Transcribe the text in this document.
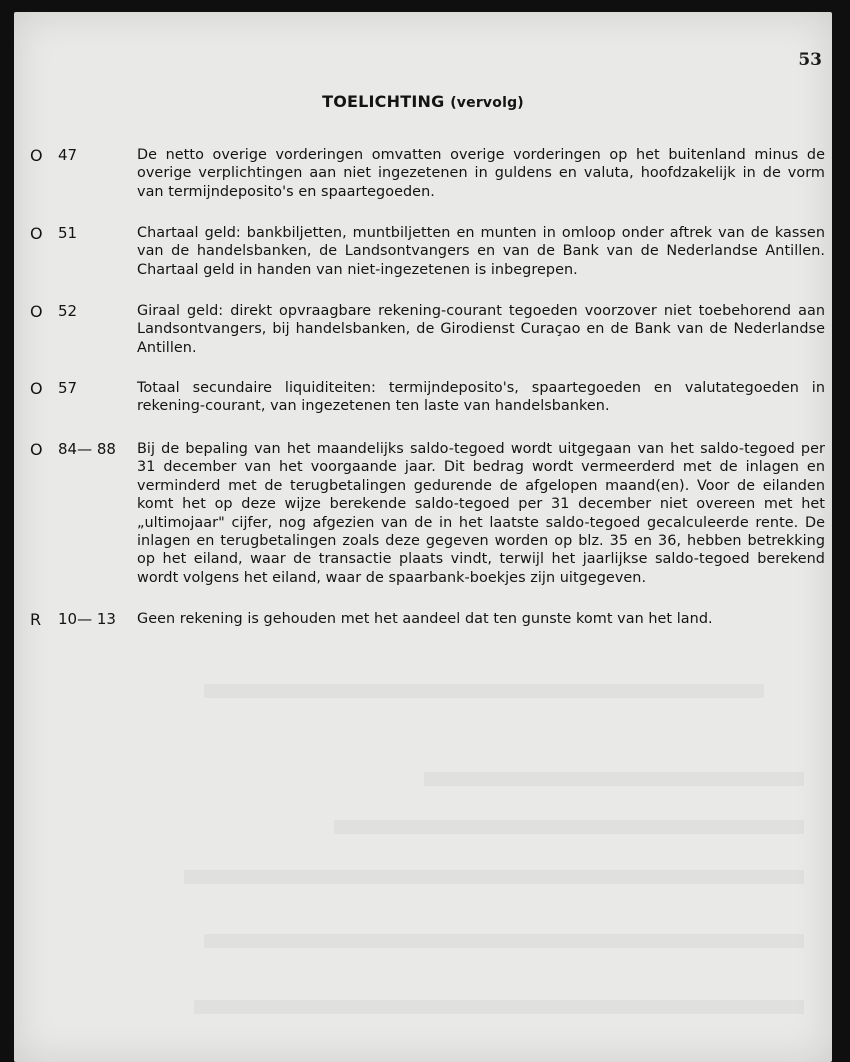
53
TOELICHTING (vervolg)
O	47	De netto overige vorderingen omvatten overige vorderingen op het buitenland minus de overige verplichtingen aan niet ingezetenen in guldens en valuta, hoofdzakelijk in de vorm van termijndeposito's en spaartegoeden.
O	51	Chartaal geld: bankbiljetten, muntbiljetten en munten in omloop onder aftrek van de kassen van de handelsbanken, de Landsontvangers en van de Bank van de Nederlandse Antillen. Chartaal geld in handen van niet-ingezetenen is inbegrepen.
O	52	Giraal geld: direkt opvraagbare rekening-courant tegoeden voorzover niet toebehorend aan Landsontvangers, bij handelsbanken, de Girodienst Curaçao en de Bank van de Nederlandse Antillen.
O	57	Totaal secundaire liquiditeiten: termijndeposito's, spaartegoeden en valutategoeden in rekening-courant, van ingezetenen ten laste van handelsbanken.
O	84— 88	Bij de bepaling van het maandelijks saldo-tegoed wordt uitgegaan van het saldo-tegoed per 31 december van het voorgaande jaar. Dit bedrag wordt vermeerderd met de inlagen en verminderd met de terugbetalingen gedurende de afgelopen maand(en). Voor de eilanden komt het op deze wijze berekende saldo-tegoed per 31 december niet overeen met het „ultimojaar" cijfer, nog afgezien van de in het laatste saldo-tegoed gecalculeerde rente. De inlagen en terugbetalingen zoals deze gegeven worden op blz. 35 en 36, hebben betrekking op het eiland, waar de transactie plaats vindt, terwijl het jaarlijkse saldo-tegoed berekend wordt volgens het eiland, waar de spaarbank-boekjes zijn uitgegeven.
R	10— 13	Geen rekening is gehouden met het aandeel dat ten gunste komt van het land.
